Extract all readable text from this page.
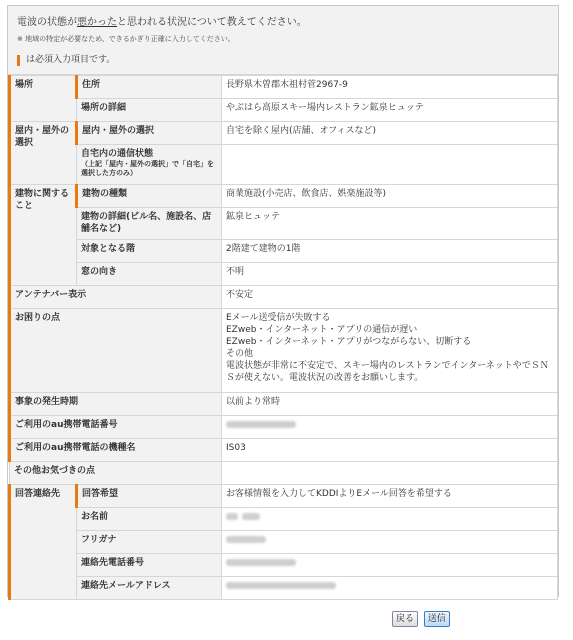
電波の状態が悪かったと思われる状況について教えてください。
※ 地域の特定が必要なため、できるかぎり正確に入力してください。
は必須入力項目です。
場所	住所	長野県木曽郡木祖村菅2967-9
	場所の詳細	やぶはら高原スキー場内レストラン鉱泉ヒュッテ
屋内・屋外の選択	屋内・屋外の選択	自宅を除く屋内(店舗、オフィスなど)
	自宅内の通信状態
（上記「屋内・屋外の選択」で「自宅」を選択した方のみ）	

建物に関すること	建物の種類	商業施設(小売店、飲食店、娯楽施設等)
	建物の詳細(ビル名、施設名、店舗名など)	鉱泉ヒュッテ
	対象となる階	2階建て建物の1階
	窓の向き	不明
アンテナバー表示		不安定
お困りの点		Eメール送受信が失敗する
EZweb・インターネット・アプリの通信が遅い
EZweb・インターネット・アプリがつながらない、切断する
その他
電波状態が非常に不安定で、スキー場内のレストランでインターネットやでＳＮＳが使えない。電波状況の改善をお願いします。

事象の発生時期		以前より常時
ご利用のau携帯電話番号		
ご利用のau携帯電話の機種名		IS03
その他お気づきの点		
回答連絡先	回答希望	お客様情報を入力してKDDIよりEメール回答を希望する
	お名前	
	フリガナ	
	連絡先電話番号	
	連絡先メールアドレス	
戻る 送信
